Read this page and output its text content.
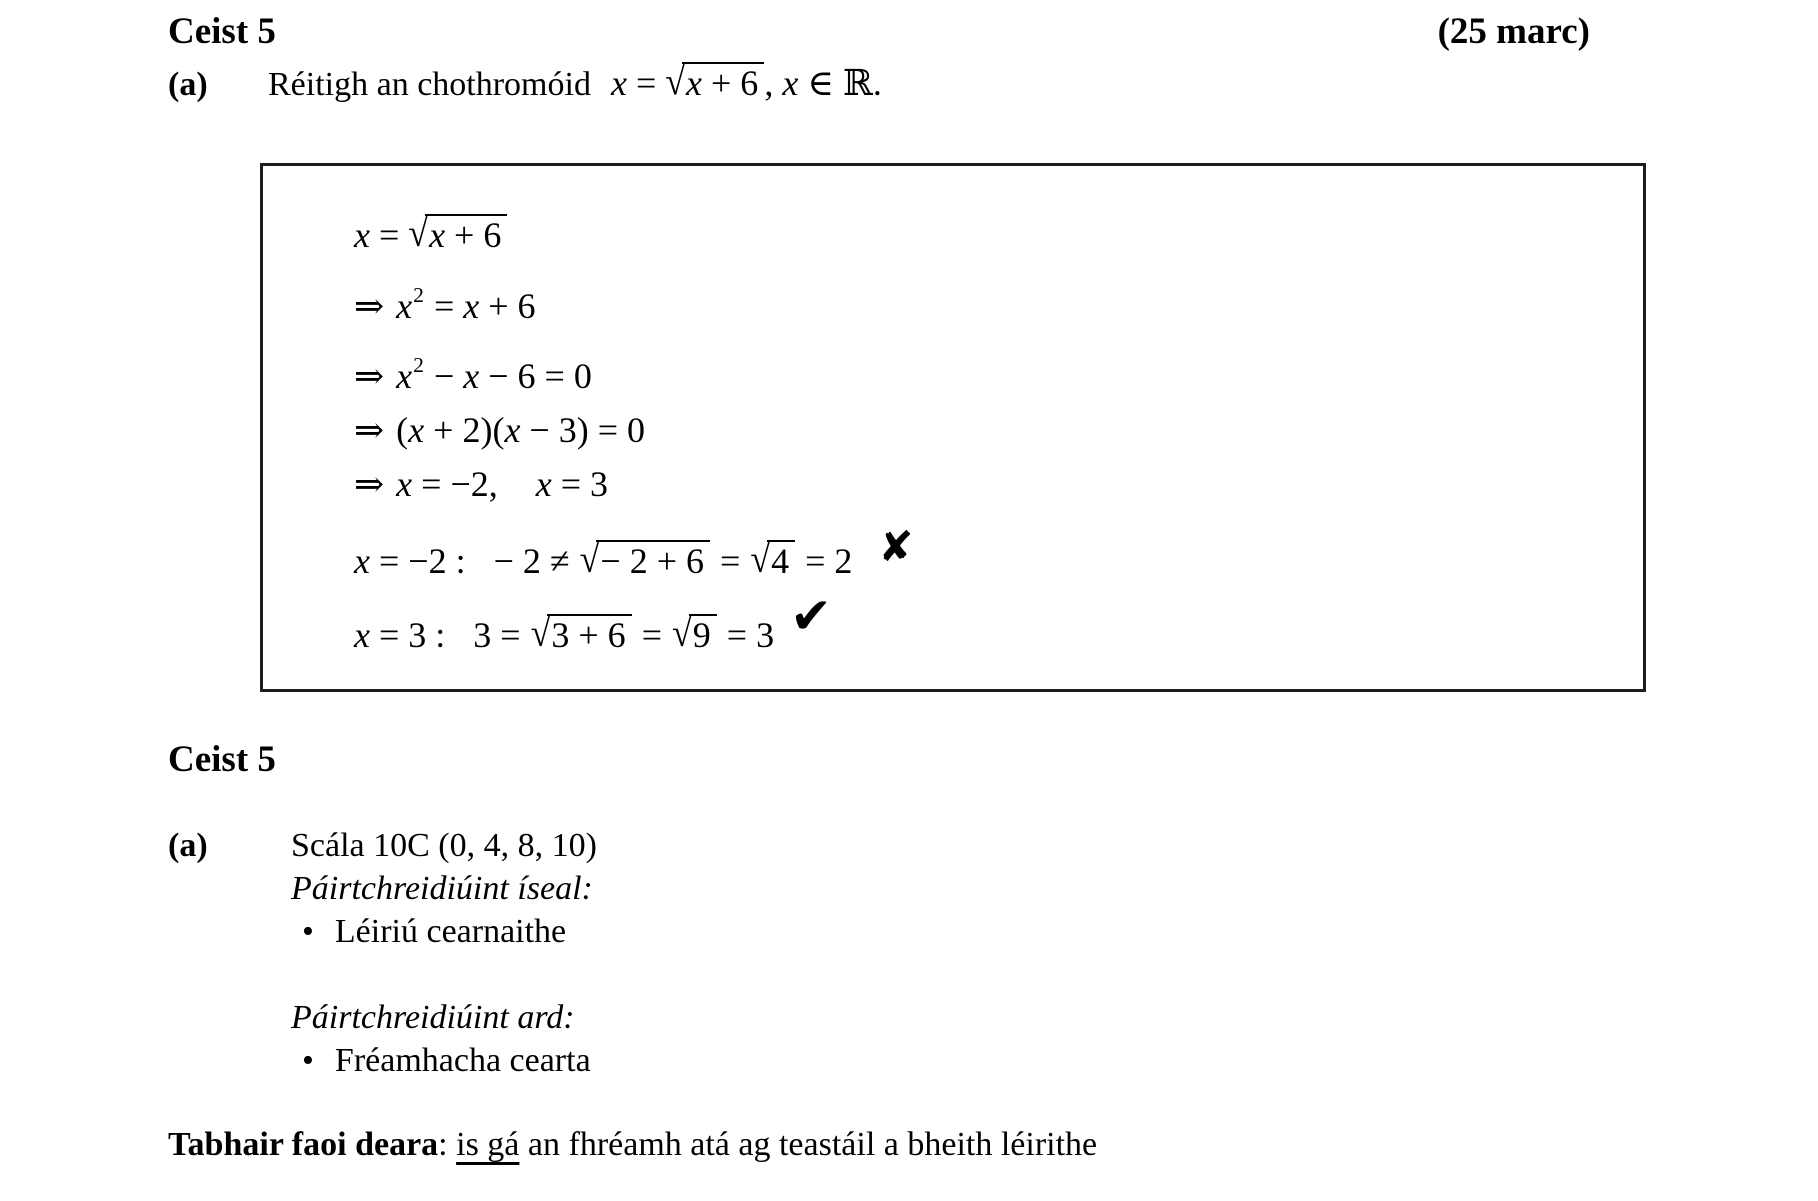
Ceist 5	(25 marc)
(a) Réitigh an chothromóid x = √x + 6 , x ∈ ℝ.
x = √x + 6
⇒ $x^2 = x + 6$
⇒ $x^2 - x - 6 = 0$
⇒ (x + 2)(x − 3) = 0
⇒ x = −2, x = 3
x = −2 : − 2 ≠ √− 2 + 6 = √4 = 2 ✘
x = 3 : 3 = √3 + 6 = √9 = 3 ✔
Ceist 5
(a) Scála 10C (0, 4, 8, 10)
Páirtchreidiúint íseal:
• Léiriú cearnaithe
Páirtchreidiúint ard:
• Fréamhacha cearta
Tabhair faoi deara: is gá an fhréamh atá ag teastáil a bheith léirithe
